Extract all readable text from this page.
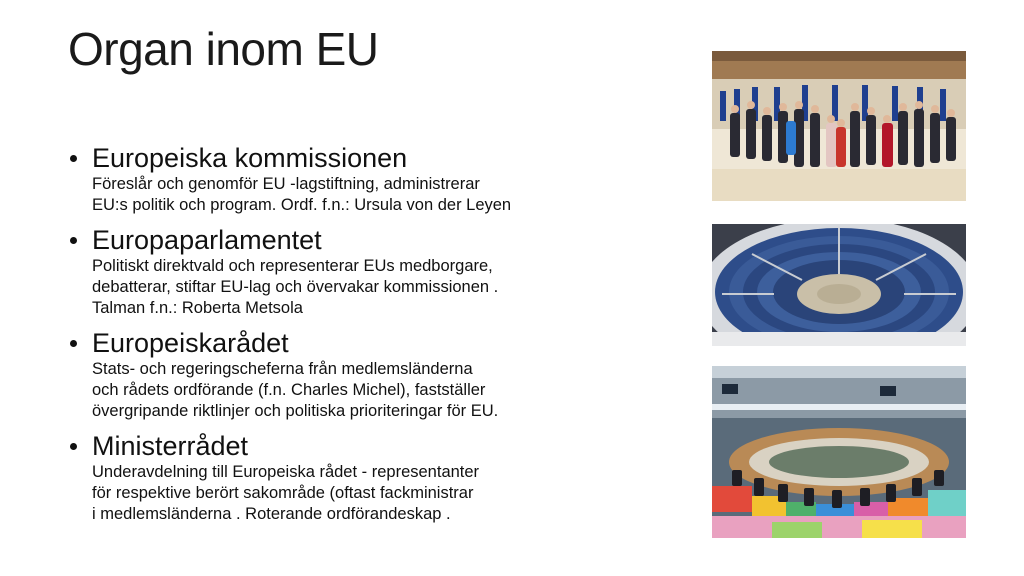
Organ inom EU
Europeiska kommissionen
Föreslår och genomför EU -lagstiftning, administrerar
EU:s politik och program. Ordf. f.n.: Ursula von der Leyen
Europaparlamentet
Politiskt direktvald och representerar EUs medborgare,
debatterar, stiftar EU-lag och övervakar kommissionen .
Talman f.n.: Roberta Metsola
Europeiskarådet
Stats- och regeringscheferna från medlemsländerna
och rådets ordförande (f.n. Charles Michel), fastställer
övergripande riktlinjer och politiska prioriteringar för EU.
Ministerrådet
Underavdelning till Europeiska rådet - representanter
för respektive berört sakområde (oftast fackministrar
i medlemsländerna . Roterande ordförandeskap .
